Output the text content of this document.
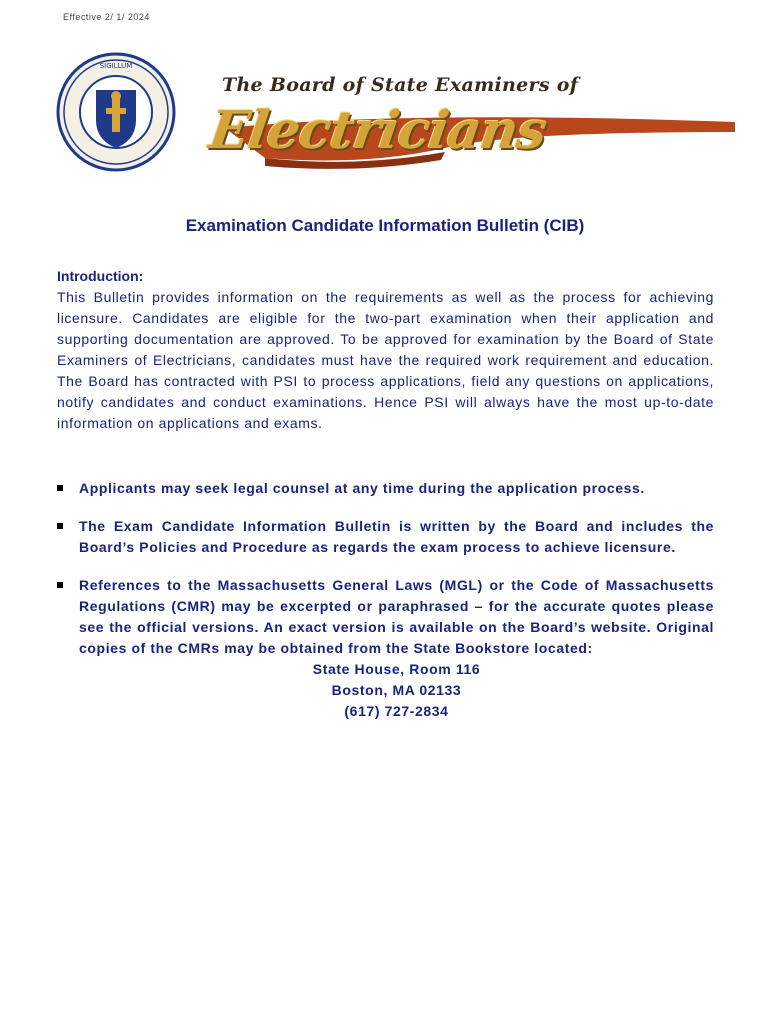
Effective 2/ 1/ 2024
SIGILLUM
The Board of State Examiners of
Electricians
Examination Candidate Information Bulletin (CIB)
Introduction:
This Bulletin provides information on the requirements as well as the process for achieving licensure. Candidates are eligible for the two-part examination when their application and supporting documentation are approved. To be approved for examination by the Board of State Examiners of Electricians, candidates must have the required work requirement and education. The Board has contracted with PSI to process applications, field any questions on applications, notify candidates and conduct examinations. Hence PSI will always have the most up-to-date information on applications and exams.
Applicants may seek legal counsel at any time during the application process.
The Exam Candidate Information Bulletin is written by the Board and includes the Board’s Policies and Procedure as regards the exam process to achieve licensure.
References to the Massachusetts General Laws (MGL) or the Code of Massachusetts Regulations (CMR) may be excerpted or paraphrased – for the accurate quotes please see the official versions. An exact version is available on the Board’s website. Original copies of the CMRs may be obtained from the State Bookstore located:
State House, Room 116
Boston, MA 02133
(617) 727-2834
